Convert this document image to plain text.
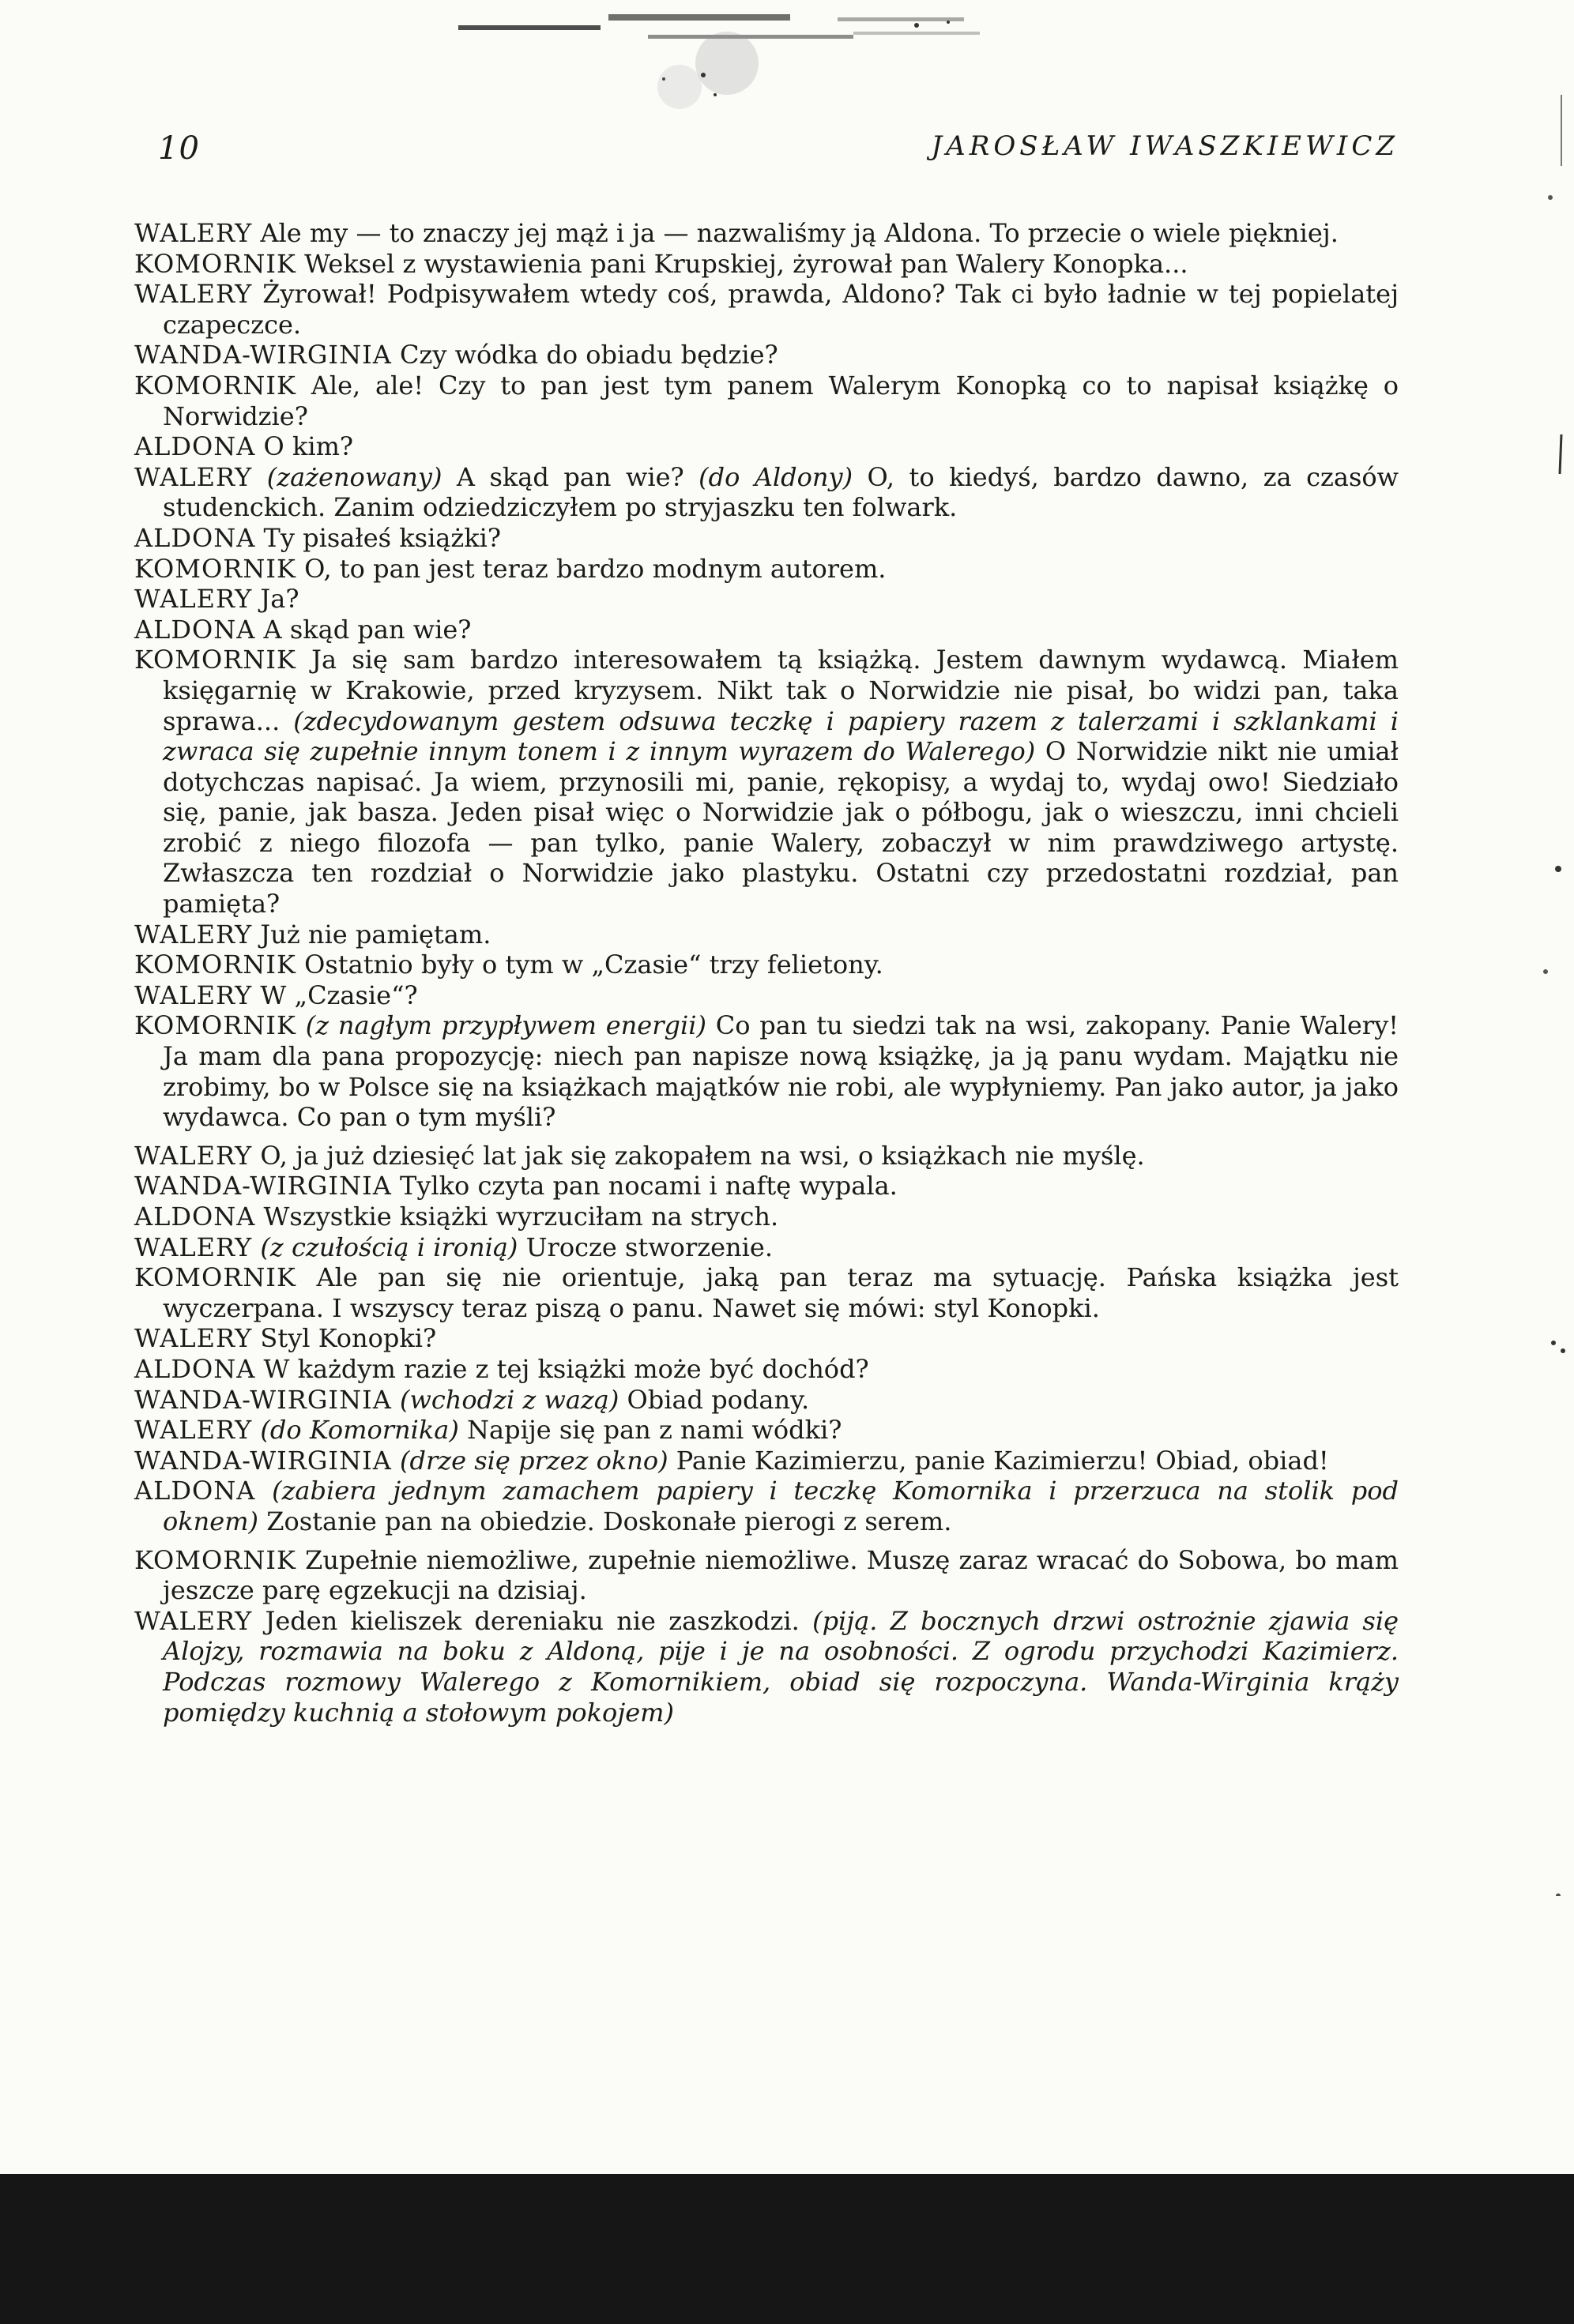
10	JAROSŁAW IWASZKIEWICZ

WALERY Ale my — to znaczy jej mąż i ja — nazwaliśmy ją Aldona. To przecie o wiele piękniej.

KOMORNIK Weksel z wystawienia pani Krupskiej, żyrował pan Walery Konopka...

WALERY Żyrował! Podpisywałem wtedy coś, prawda, Aldono? Tak ci było ładnie w tej popielatej czapeczce.

WANDA-WIRGINIA Czy wódka do obiadu będzie?

KOMORNIK Ale, ale! Czy to pan jest tym panem Walerym Konopką co to napisał książkę o Norwidzie?

ALDONA O kim?

WALERY (zażenowany) A skąd pan wie? (do Aldony) O, to kiedyś, bardzo dawno, za czasów studenckich. Zanim odziedziczyłem po stryjaszku ten folwark.

ALDONA Ty pisałeś książki?

KOMORNIK O, to pan jest teraz bardzo modnym autorem.

WALERY Ja?

ALDONA A skąd pan wie?

KOMORNIK Ja się sam bardzo interesowałem tą książką. Jestem dawnym wydawcą. Miałem księgarnię w Krakowie, przed kryzysem. Nikt tak o Norwidzie nie pisał, bo widzi pan, taka sprawa... (zdecydowanym gestem odsuwa teczkę i papiery razem z talerzami i szklankami i zwraca się zupełnie innym tonem i z innym wyrazem do Walerego) O Norwidzie nikt nie umiał dotychczas napisać. Ja wiem, przynosili mi, panie, rękopisy, a wydaj to, wydaj owo! Siedziało się, panie, jak basza. Jeden pisał więc o Norwidzie jak o półbogu, jak o wieszczu, inni chcieli zrobić z niego filozofa — pan tylko, panie Walery, zobaczył w nim prawdziwego artystę. Zwłaszcza ten rozdział o Norwidzie jako plastyku. Ostatni czy przedostatni rozdział, pan pamięta?

WALERY Już nie pamiętam.

KOMORNIK Ostatnio były o tym w „Czasie“ trzy felietony.

WALERY W „Czasie“?

KOMORNIK (z nagłym przypływem energii) Co pan tu siedzi tak na wsi, zakopany. Panie Walery! Ja mam dla pana propozycję: niech pan napisze nową książkę, ja ją panu wydam. Majątku nie zrobimy, bo w Polsce się na książkach majątków nie robi, ale wypłyniemy. Pan jako autor, ja jako wydawca. Co pan o tym myśli?

WALERY O, ja już dziesięć lat jak się zakopałem na wsi, o książkach nie myślę.

WANDA-WIRGINIA Tylko czyta pan nocami i naftę wypala.

ALDONA Wszystkie książki wyrzuciłam na strych.

WALERY (z czułością i ironią) Urocze stworzenie.

KOMORNIK Ale pan się nie orientuje, jaką pan teraz ma sytuację. Pańska książka jest wyczerpana. I wszyscy teraz piszą o panu. Nawet się mówi: styl Konopki.

WALERY Styl Konopki?

ALDONA W każdym razie z tej książki może być dochód?

WANDA-WIRGINIA (wchodzi z wazą) Obiad podany.

WALERY (do Komornika) Napije się pan z nami wódki?

WANDA-WIRGINIA (drze się przez okno) Panie Kazimierzu, panie Kazimierzu! Obiad, obiad!

ALDONA (zabiera jednym zamachem papiery i teczkę Komornika i przerzuca na stolik pod oknem) Zostanie pan na obiedzie. Doskonałe pierogi z serem.

KOMORNIK Zupełnie niemożliwe, zupełnie niemożliwe. Muszę zaraz wracać do Sobowa, bo mam jeszcze parę egzekucji na dzisiaj.

WALERY Jeden kieliszek dereniaku nie zaszkodzi. (piją. Z bocznych drzwi ostrożnie zjawia się Alojzy, rozmawia na boku z Aldoną, pije i je na osobności. Z ogrodu przychodzi Kazimierz. Podczas rozmowy Walerego z Komornikiem, obiad się rozpoczyna. Wanda-Wirginia krąży pomiędzy kuchnią a stołowym pokojem)
